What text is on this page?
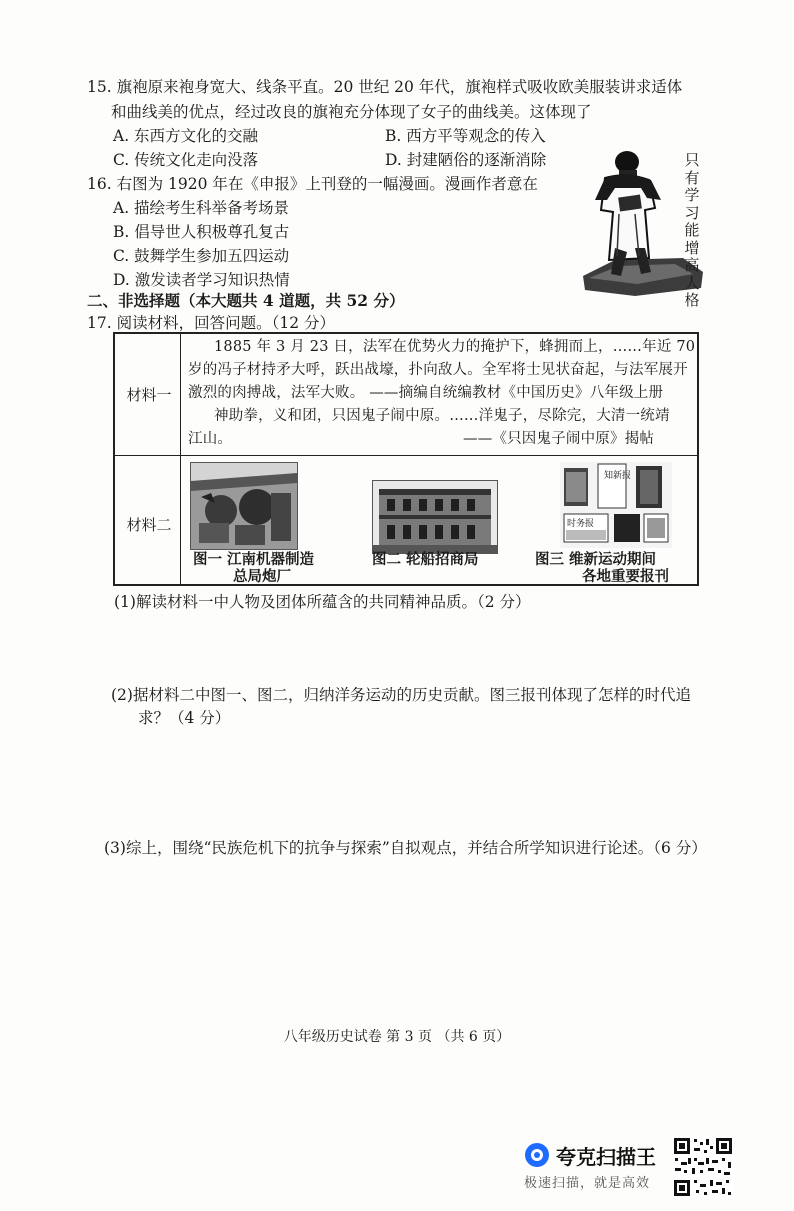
15. 旗袍原来袍身宽大、线条平直。20 世纪 20 年代，旗袍样式吸收欧美服装讲求适体
和曲线美的优点，经过改良的旗袍充分体现了女子的曲线美。这体现了
A. 东西方文化的交融	B. 西方平等观念的传入
C. 传统文化走向没落	D. 封建陋俗的逐渐消除
16. 右图为 1920 年在《申报》上刊登的一幅漫画。漫画作者意在
A. 描绘考生科举备考场景
B. 倡导世人积极尊孔复古
C. 鼓舞学生参加五四运动
D. 激发读者学习知识热情
只有学习能增高人格
二、非选择题（本大题共 4 道题，共 52 分）
17. 阅读材料，回答问题。（12 分）
材料一
1885 年 3 月 23 日，法军在优势火力的掩护下，蜂拥而上，……年近 70
岁的冯子材持矛大呼，跃出战壕，扑向敌人。全军将士见状奋起，与法军展开
激烈的肉搏战，法军大败。 ——摘编自统编教材《中国历史》八年级上册
神助拳，义和团，只因鬼子闹中原。……洋鬼子，尽除完，大清一统靖
江山。	——《只因鬼子闹中原》揭帖
材料二
图一 江南机器制造
总局炮厂
图二 轮船招商局
知新报
时务报
图三 维新运动期间
各地重要报刊
(1)解读材料一中人物及团体所蕴含的共同精神品质。（2 分）
(2)据材料二中图一、图二，归纳洋务运动的历史贡献。图三报刊体现了怎样的时代追
求？（4 分）
(3)综上，围绕“民族危机下的抗争与探索”自拟观点，并结合所学知识进行论述。（6 分）
八年级历史试卷 第 3 页 （共 6 页）
夸克扫描王
极速扫描，就是高效
